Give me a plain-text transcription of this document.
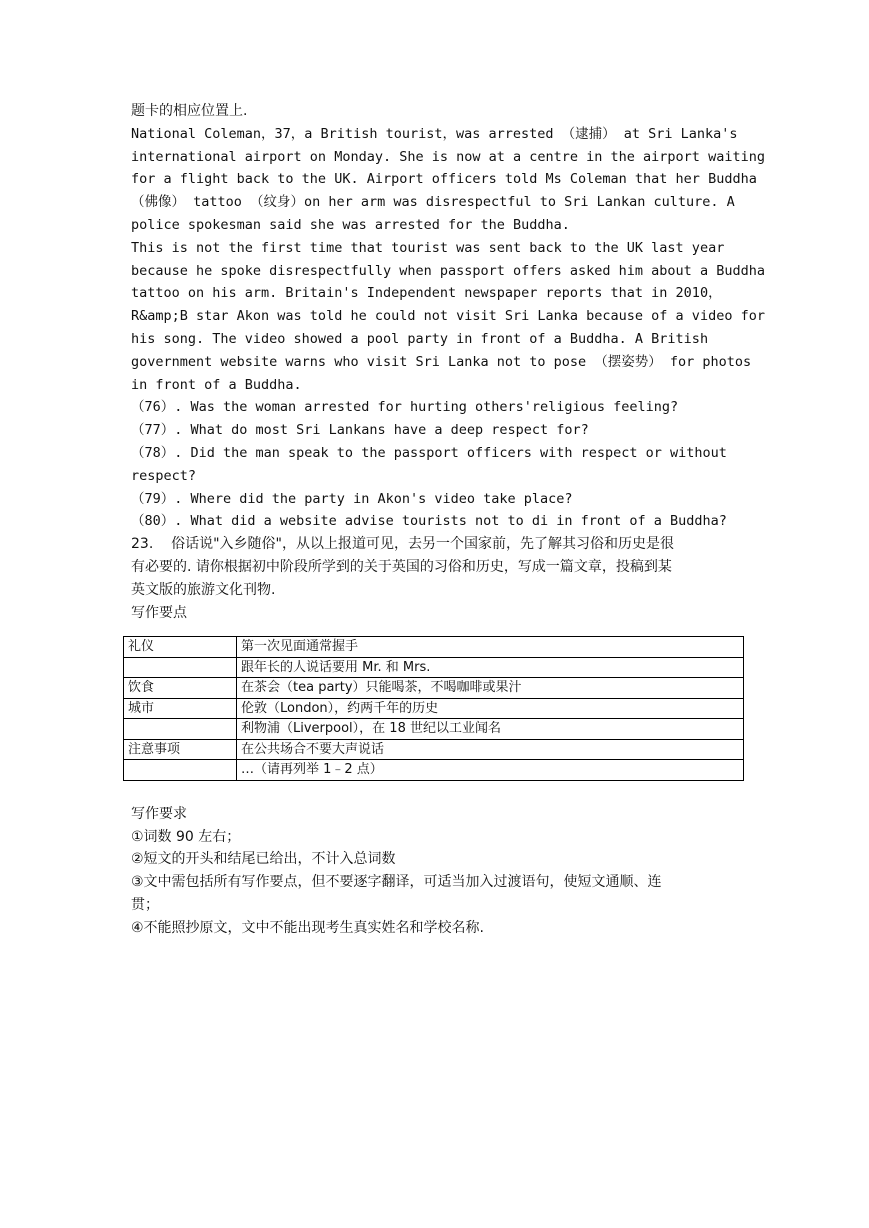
题卡的相应位置上.
National Coleman，37，a British tourist，was arrested （逮捕） at Sri Lanka's
international airport on Monday. She is now at a centre in the airport waiting
for a flight back to the UK. Airport officers told Ms Coleman that her Buddha
（佛像） tattoo （纹身）on her arm was disrespectful to Sri Lankan culture. A
police spokesman said she was arrested for the Buddha.
This is not the first time that tourist was sent back to the UK last year
because he spoke disrespectfully when passport offers asked him about a Buddha
tattoo on his arm. Britain's Independent newspaper reports that in 2010，
R&amp;B star Akon was told he could not visit Sri Lanka because of a video for
his song. The video showed a pool party in front of a Buddha. A British
government website warns who visit Sri Lanka not to pose （摆姿势） for photos
in front of a Buddha.
（76）. Was the woman arrested for hurting others'religious feeling?
（77）. What do most Sri Lankans have a deep respect for?
（78）. Did the man speak to the passport officers with respect or without
respect?
（79）. Where did the party in Akon's video take place?
（80）. What did a website advise tourists not to di in front of a Buddha?
23.    俗话说"入乡随俗"，从以上报道可见，去另一个国家前，先了解其习俗和历史是很
有必要的. 请你根据初中阶段所学到的关于英国的习俗和历史，写成一篇文章，投稿到某
英文版的旅游文化刊物.
写作要点
礼仪	第一次见面通常握手
	跟年长的人说话要用 Mr. 和 Mrs.
饮食	在茶会（tea party）只能喝茶，不喝咖啡或果汁
城市	伦敦（London），约两千年的历史
	利物浦（Liverpool），在 18 世纪以工业闻名
注意事项	在公共场合不要大声说话
	…（请再列举 1﹣2 点）
写作要求
①词数 90 左右；
②短文的开头和结尾已给出，不计入总词数
③文中需包括所有写作要点，但不要逐字翻译，可适当加入过渡语句，使短文通顺、连
贯；
④不能照抄原文，文中不能出现考生真实姓名和学校名称.
